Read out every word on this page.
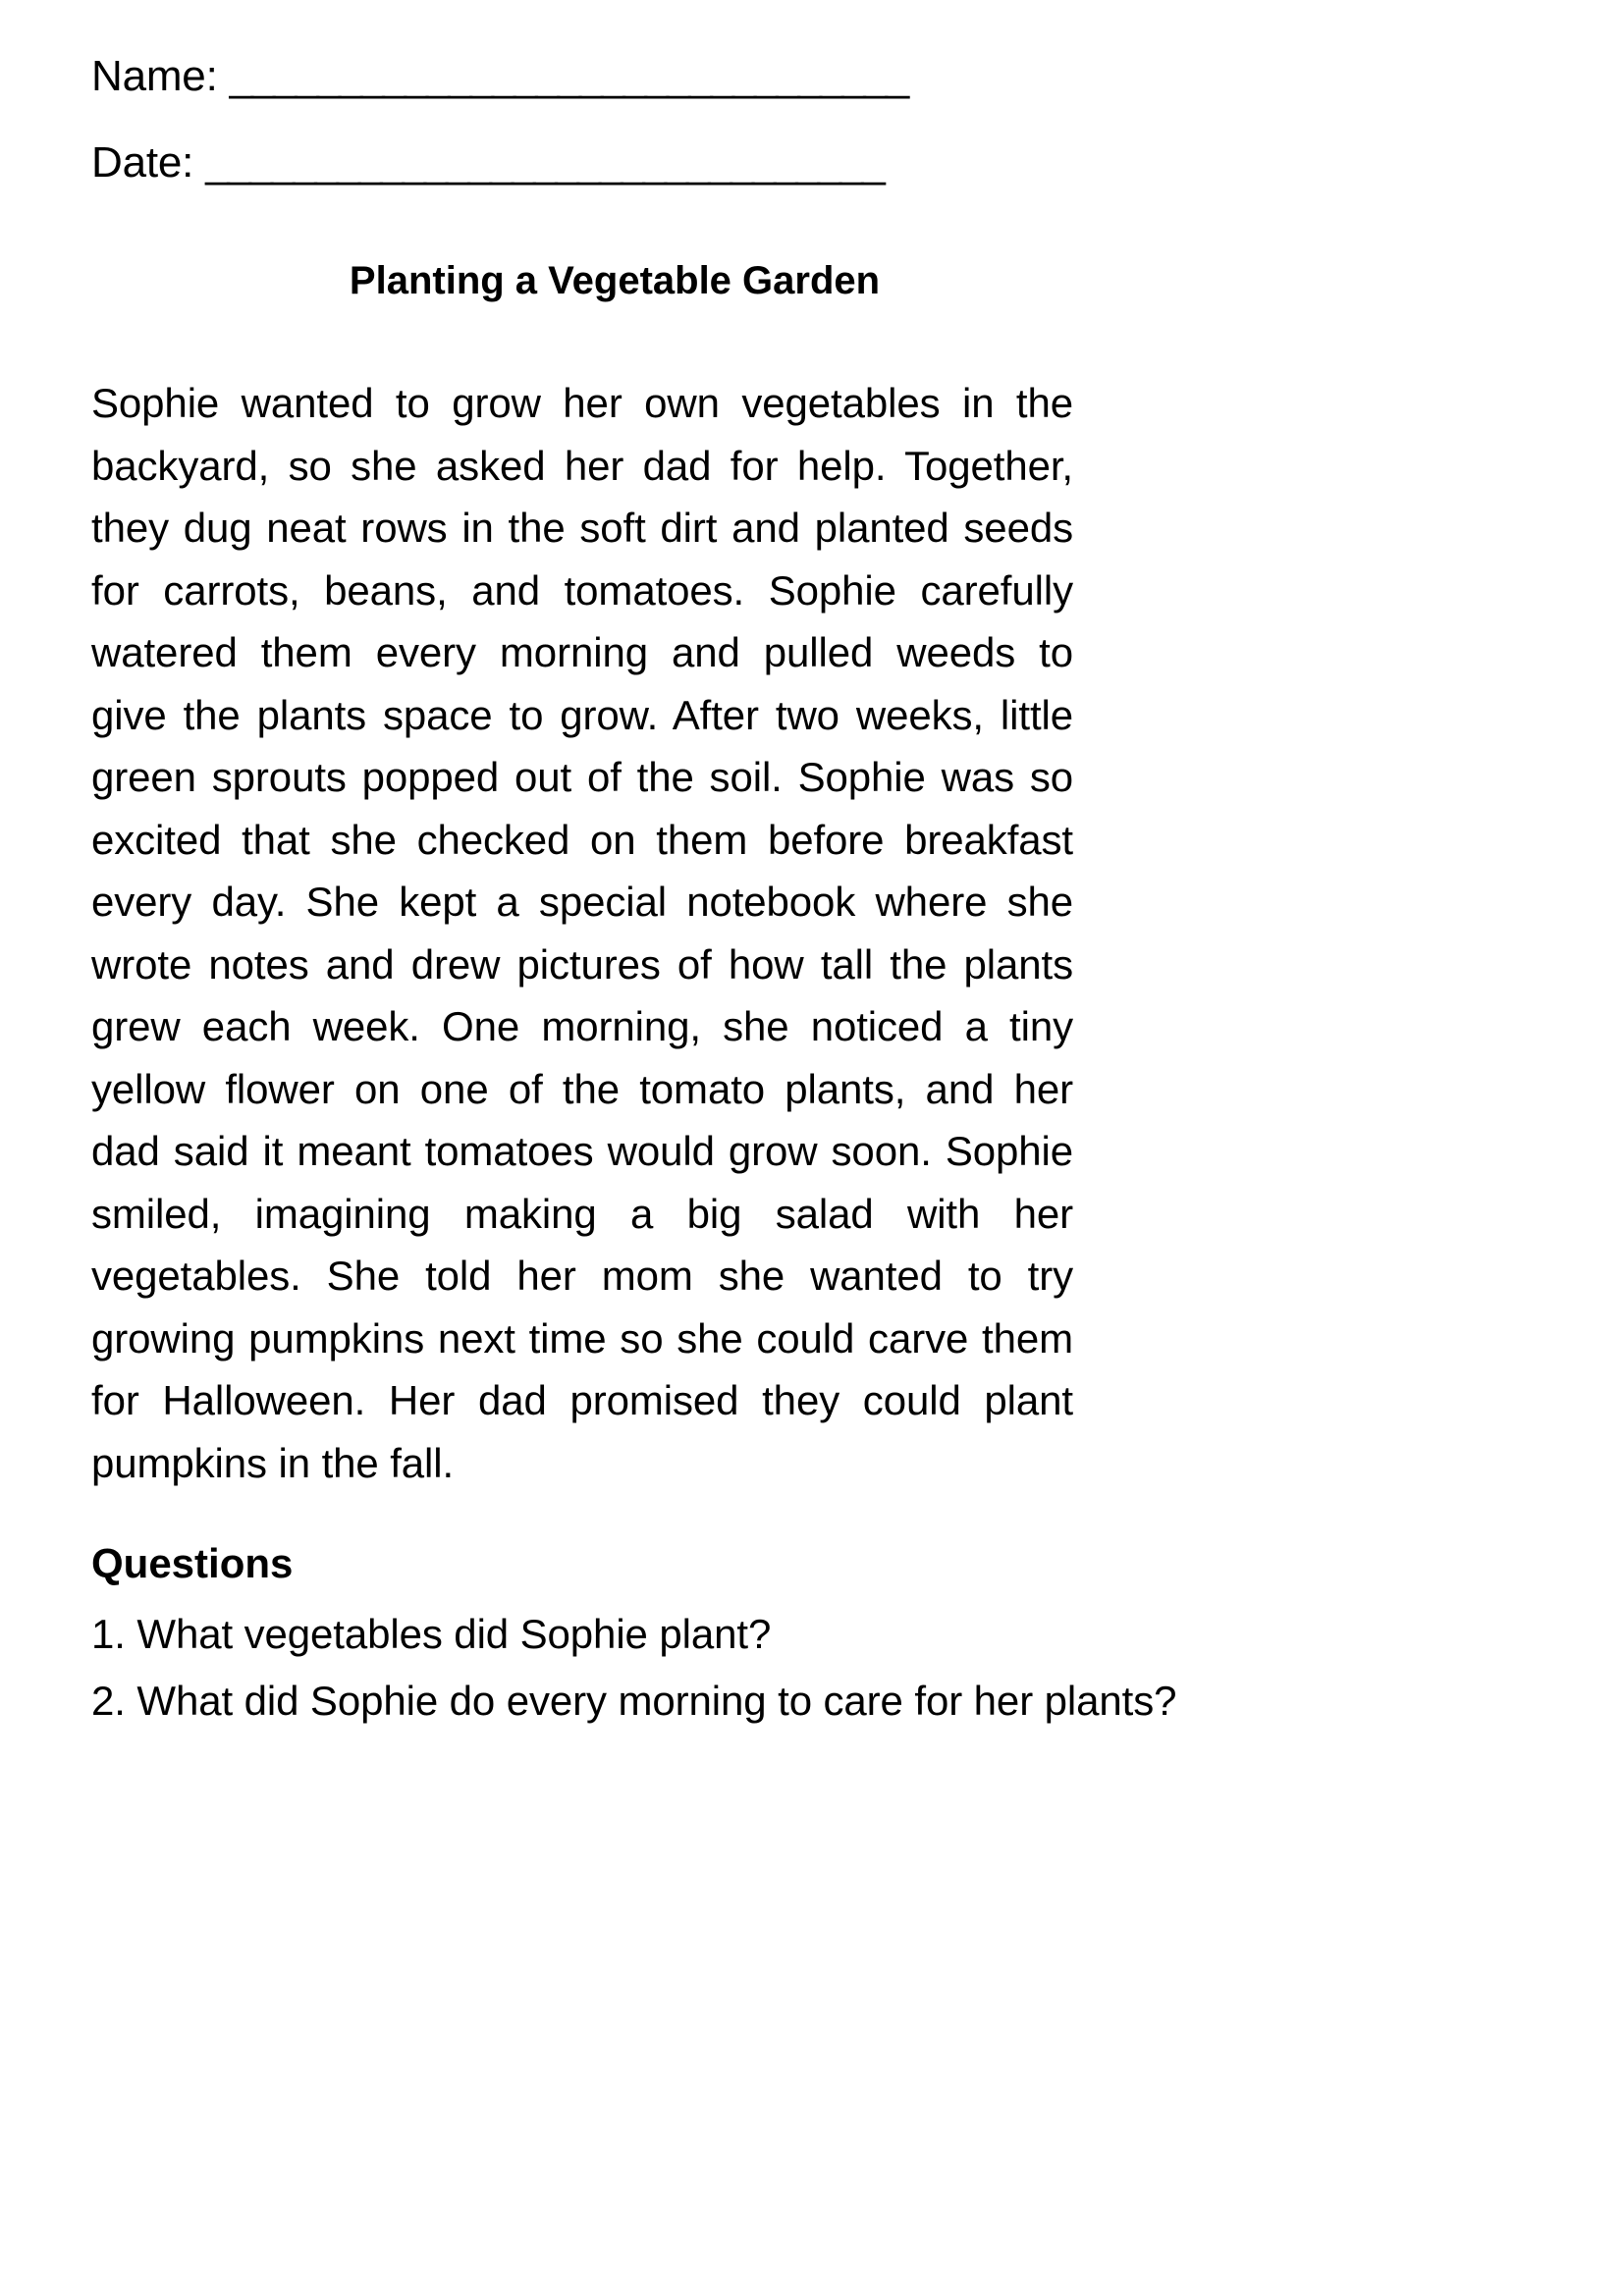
Name: _______________________________
Date: _______________________________
Planting a Vegetable Garden
Sophie wanted to grow her own vegetables in the backyard, so she asked her dad for help. Together, they dug neat rows in the soft dirt and planted seeds for carrots, beans, and tomatoes. Sophie carefully watered them every morning and pulled weeds to give the plants space to grow. After two weeks, little green sprouts popped out of the soil. Sophie was so excited that she checked on them before breakfast every day. She kept a special notebook where she wrote notes and drew pictures of how tall the plants grew each week. One morning, she noticed a tiny yellow flower on one of the tomato plants, and her dad said it meant tomatoes would grow soon. Sophie smiled, imagining making a big salad with her vegetables. She told her mom she wanted to try growing pumpkins next time so she could carve them for Halloween. Her dad promised they could plant pumpkins in the fall.
Questions
1. What vegetables did Sophie plant?
2. What did Sophie do every morning to care for her plants?
